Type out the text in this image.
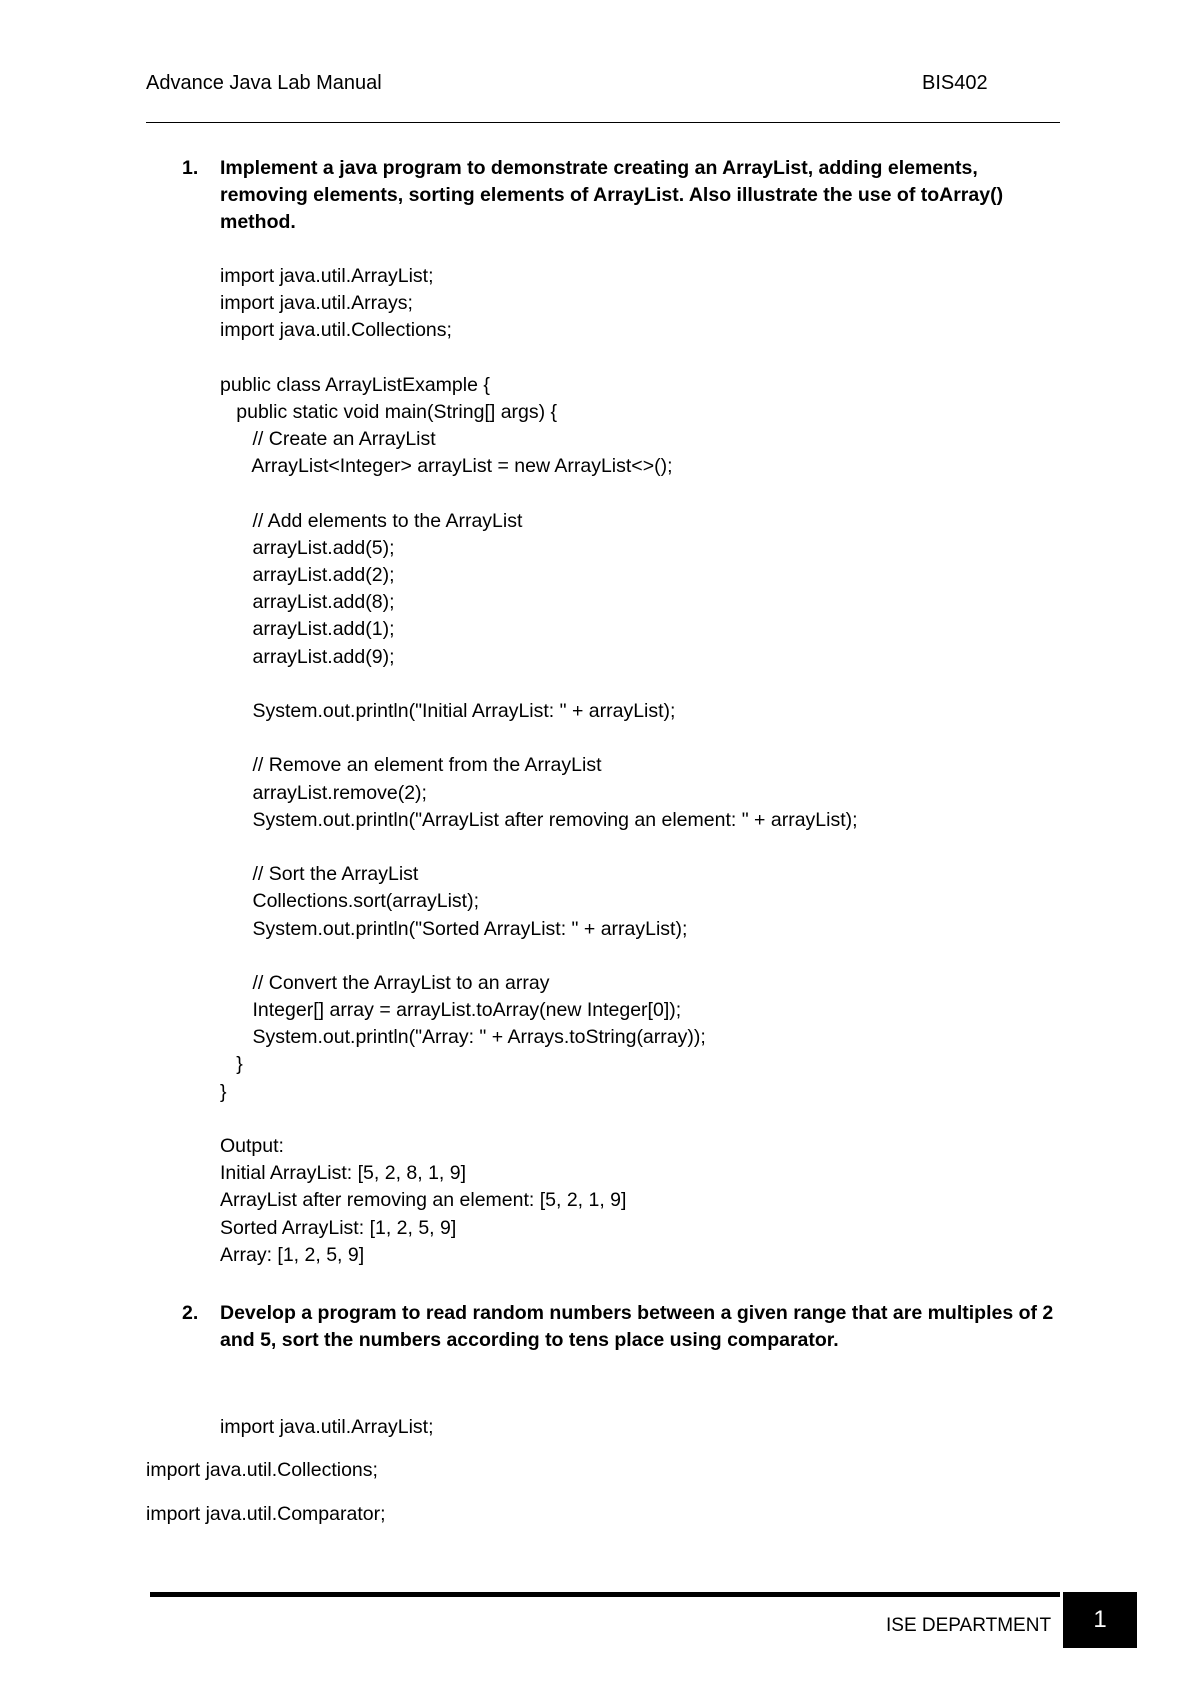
Advance Java Lab Manual	BIS402
1. Implement a java program to demonstrate creating an ArrayList, adding elements, removing elements, sorting elements of ArrayList. Also illustrate the use of toArray() method.
import java.util.ArrayList;
import java.util.Arrays;
import java.util.Collections;
public class ArrayListExample {
public static void main(String[] args) {
// Create an ArrayList
ArrayList<Integer> arrayList = new ArrayList<>();
// Add elements to the ArrayList
arrayList.add(5);
arrayList.add(2);
arrayList.add(8);
arrayList.add(1);
arrayList.add(9);
System.out.println("Initial ArrayList: " + arrayList);
// Remove an element from the ArrayList
arrayList.remove(2);
System.out.println("ArrayList after removing an element: " + arrayList);
// Sort the ArrayList
Collections.sort(arrayList);
System.out.println("Sorted ArrayList: " + arrayList);
// Convert the ArrayList to an array
Integer[] array = arrayList.toArray(new Integer[0]);
System.out.println("Array: " + Arrays.toString(array));
}
}
Output:
Initial ArrayList: [5, 2, 8, 1, 9]
ArrayList after removing an element: [5, 2, 1, 9]
Sorted ArrayList: [1, 2, 5, 9]
Array: [1, 2, 5, 9]
2. Develop a program to read random numbers between a given range that are multiples of 2 and 5, sort the numbers according to tens place using comparator.
import java.util.ArrayList;
import java.util.Collections;
import java.util.Comparator;
ISE DEPARTMENT	1
